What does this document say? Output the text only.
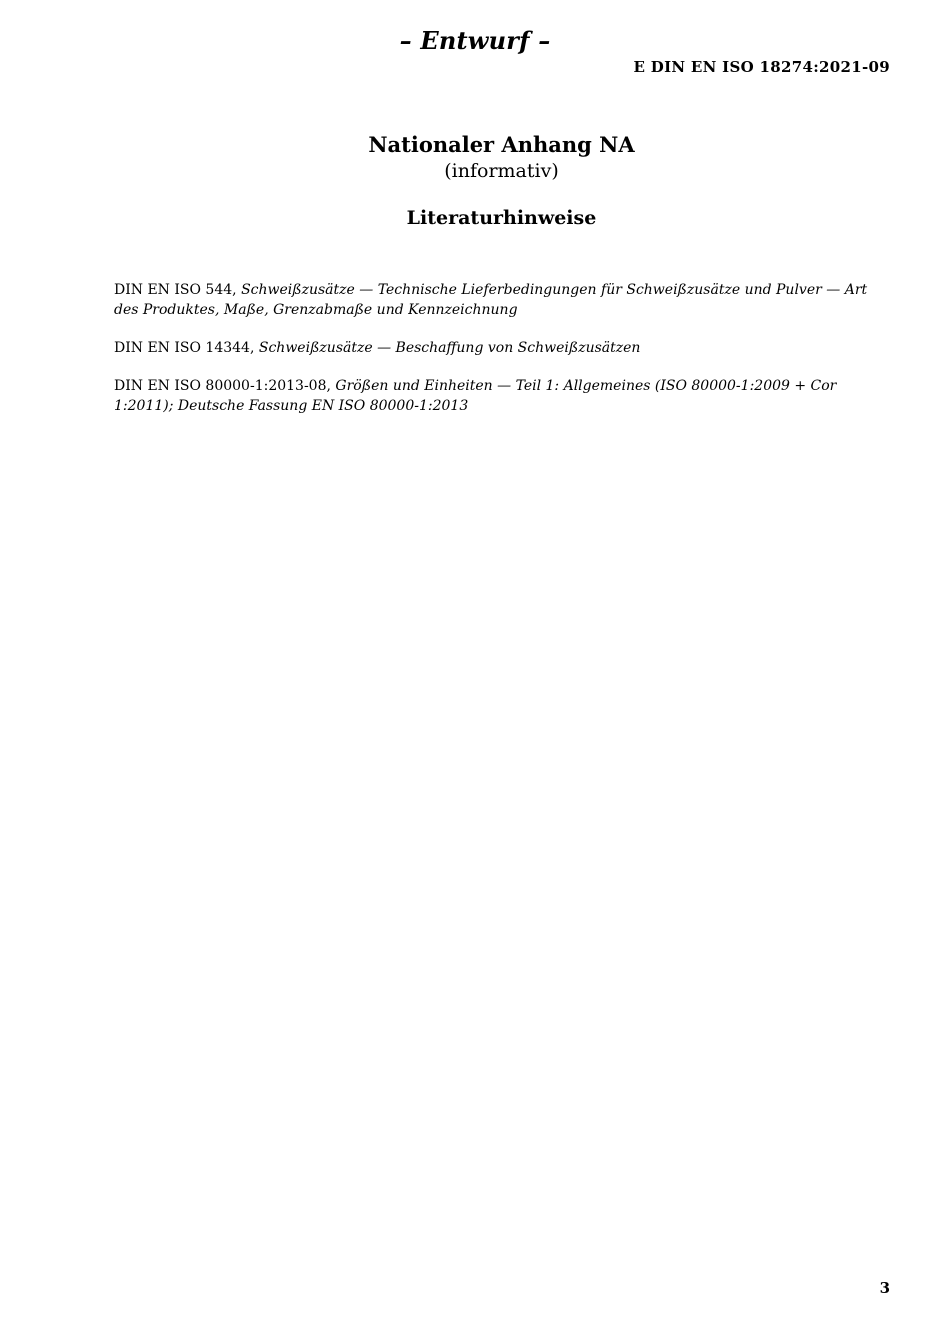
– Entwurf –
E DIN EN ISO 18274:2021-09
Nationaler Anhang NA
(informativ)
Literaturhinweise

DIN EN ISO 544, Schweißzusätze — Technische Lieferbedingungen für Schweißzusätze und Pulver — Art des Produktes, Maße, Grenzabmaße und Kennzeichnung

DIN EN ISO 14344, Schweißzusätze — Beschaffung von Schweißzusätzen

DIN EN ISO 80000-1:2013-08, Größen und Einheiten — Teil 1: Allgemeines (ISO 80000-1:2009 + Cor 1:2011); Deutsche Fassung EN ISO 80000-1:2013

3
